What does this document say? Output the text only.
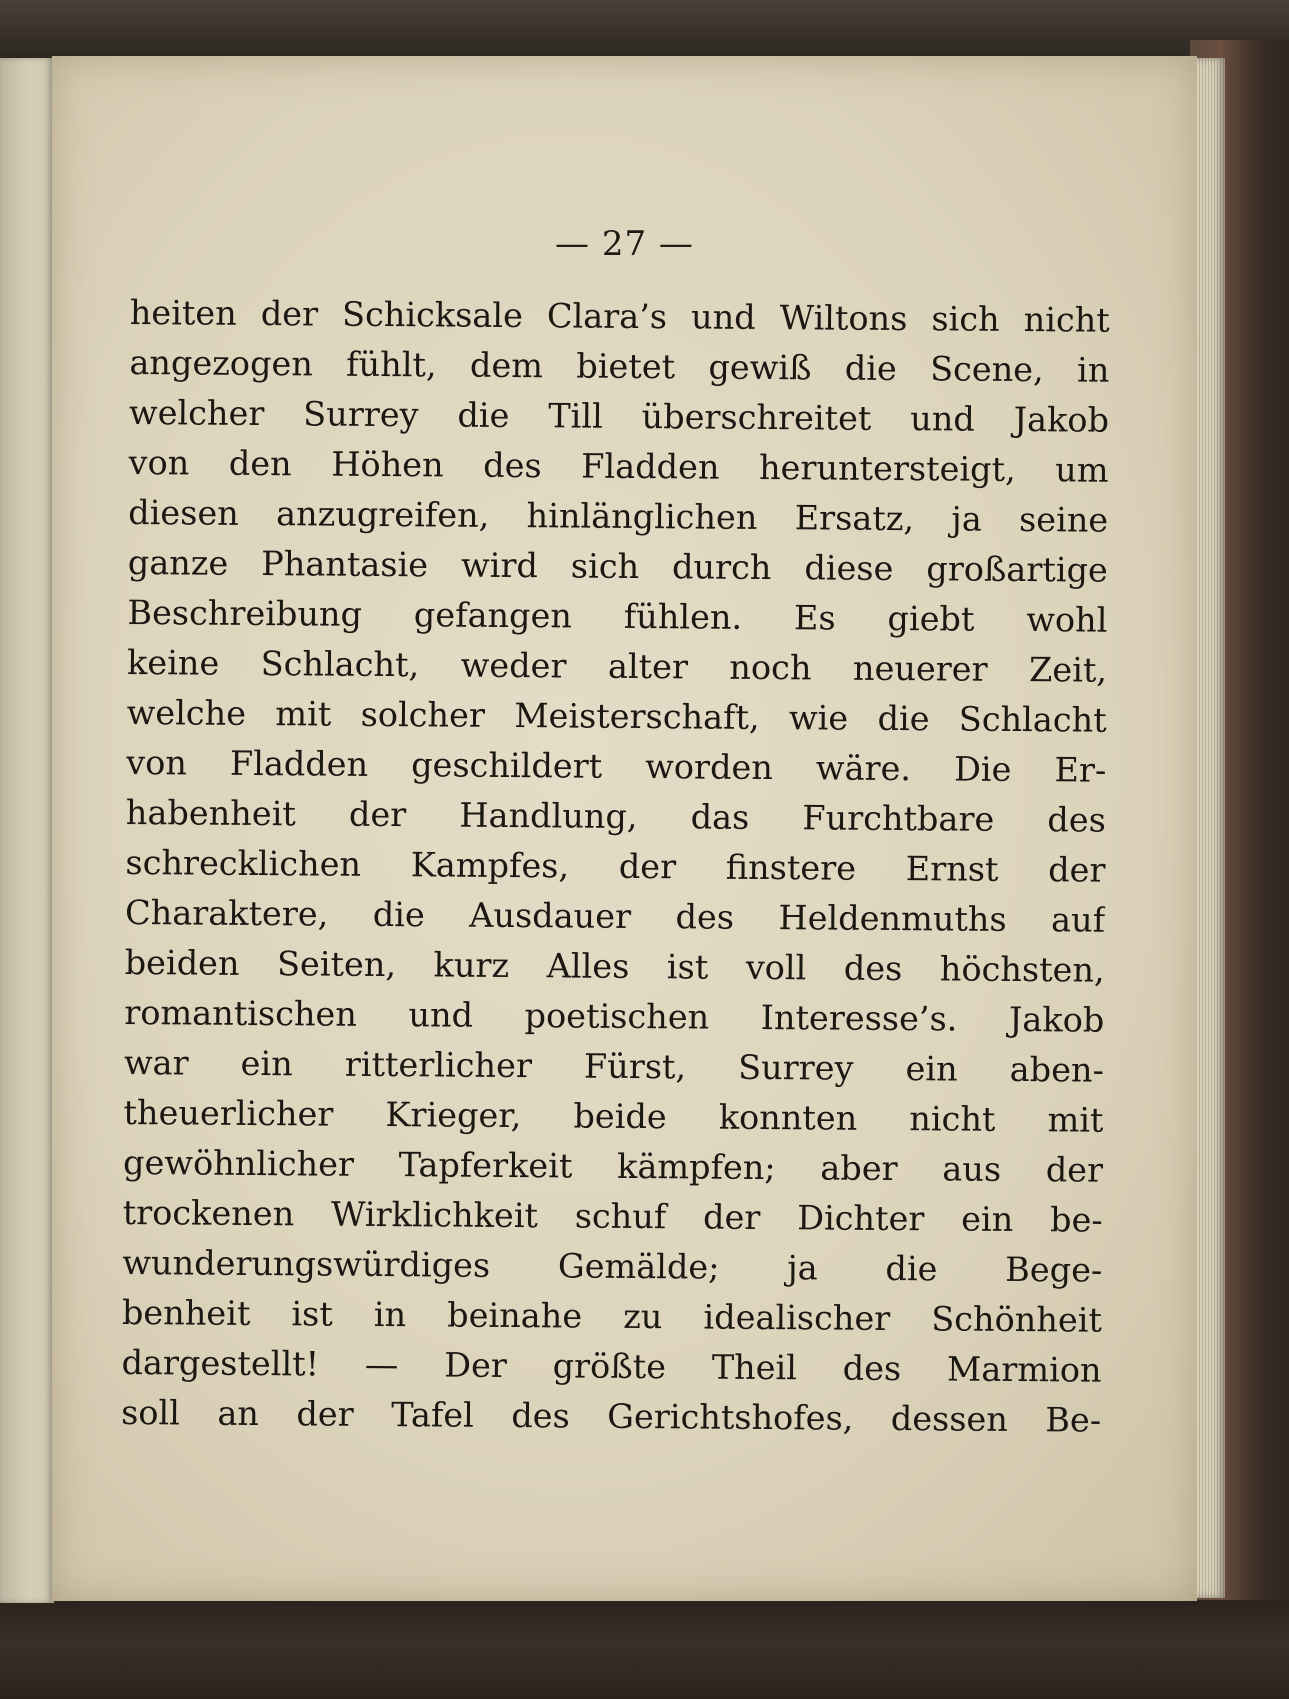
— 27 —
heiten der Schicksale Clara’s und Wiltons sich nicht
angezogen fühlt, dem bietet gewiß die Scene, in
welcher Surrey die Till überschreitet und Jakob
von den Höhen des Fladden heruntersteigt, um
diesen anzugreifen, hinlänglichen Ersatz, ja seine
ganze Phantasie wird sich durch diese großartige
Beschreibung gefangen fühlen. Es giebt wohl
keine Schlacht, weder alter noch neuerer Zeit,
welche mit solcher Meisterschaft, wie die Schlacht
von Fladden geschildert worden wäre. Die Er-
habenheit der Handlung, das Furchtbare des
schrecklichen Kampfes, der finstere Ernst der
Charaktere, die Ausdauer des Heldenmuths auf
beiden Seiten, kurz Alles ist voll des höchsten,
romantischen und poetischen Interesse’s. Jakob
war ein ritterlicher Fürst, Surrey ein aben-
theuerlicher Krieger, beide konnten nicht mit
gewöhnlicher Tapferkeit kämpfen; aber aus der
trockenen Wirklichkeit schuf der Dichter ein be-
wunderungswürdiges Gemälde; ja die Bege-
benheit ist in beinahe zu idealischer Schönheit
dargestellt! — Der größte Theil des Marmion
soll an der Tafel des Gerichtshofes, dessen Be-
